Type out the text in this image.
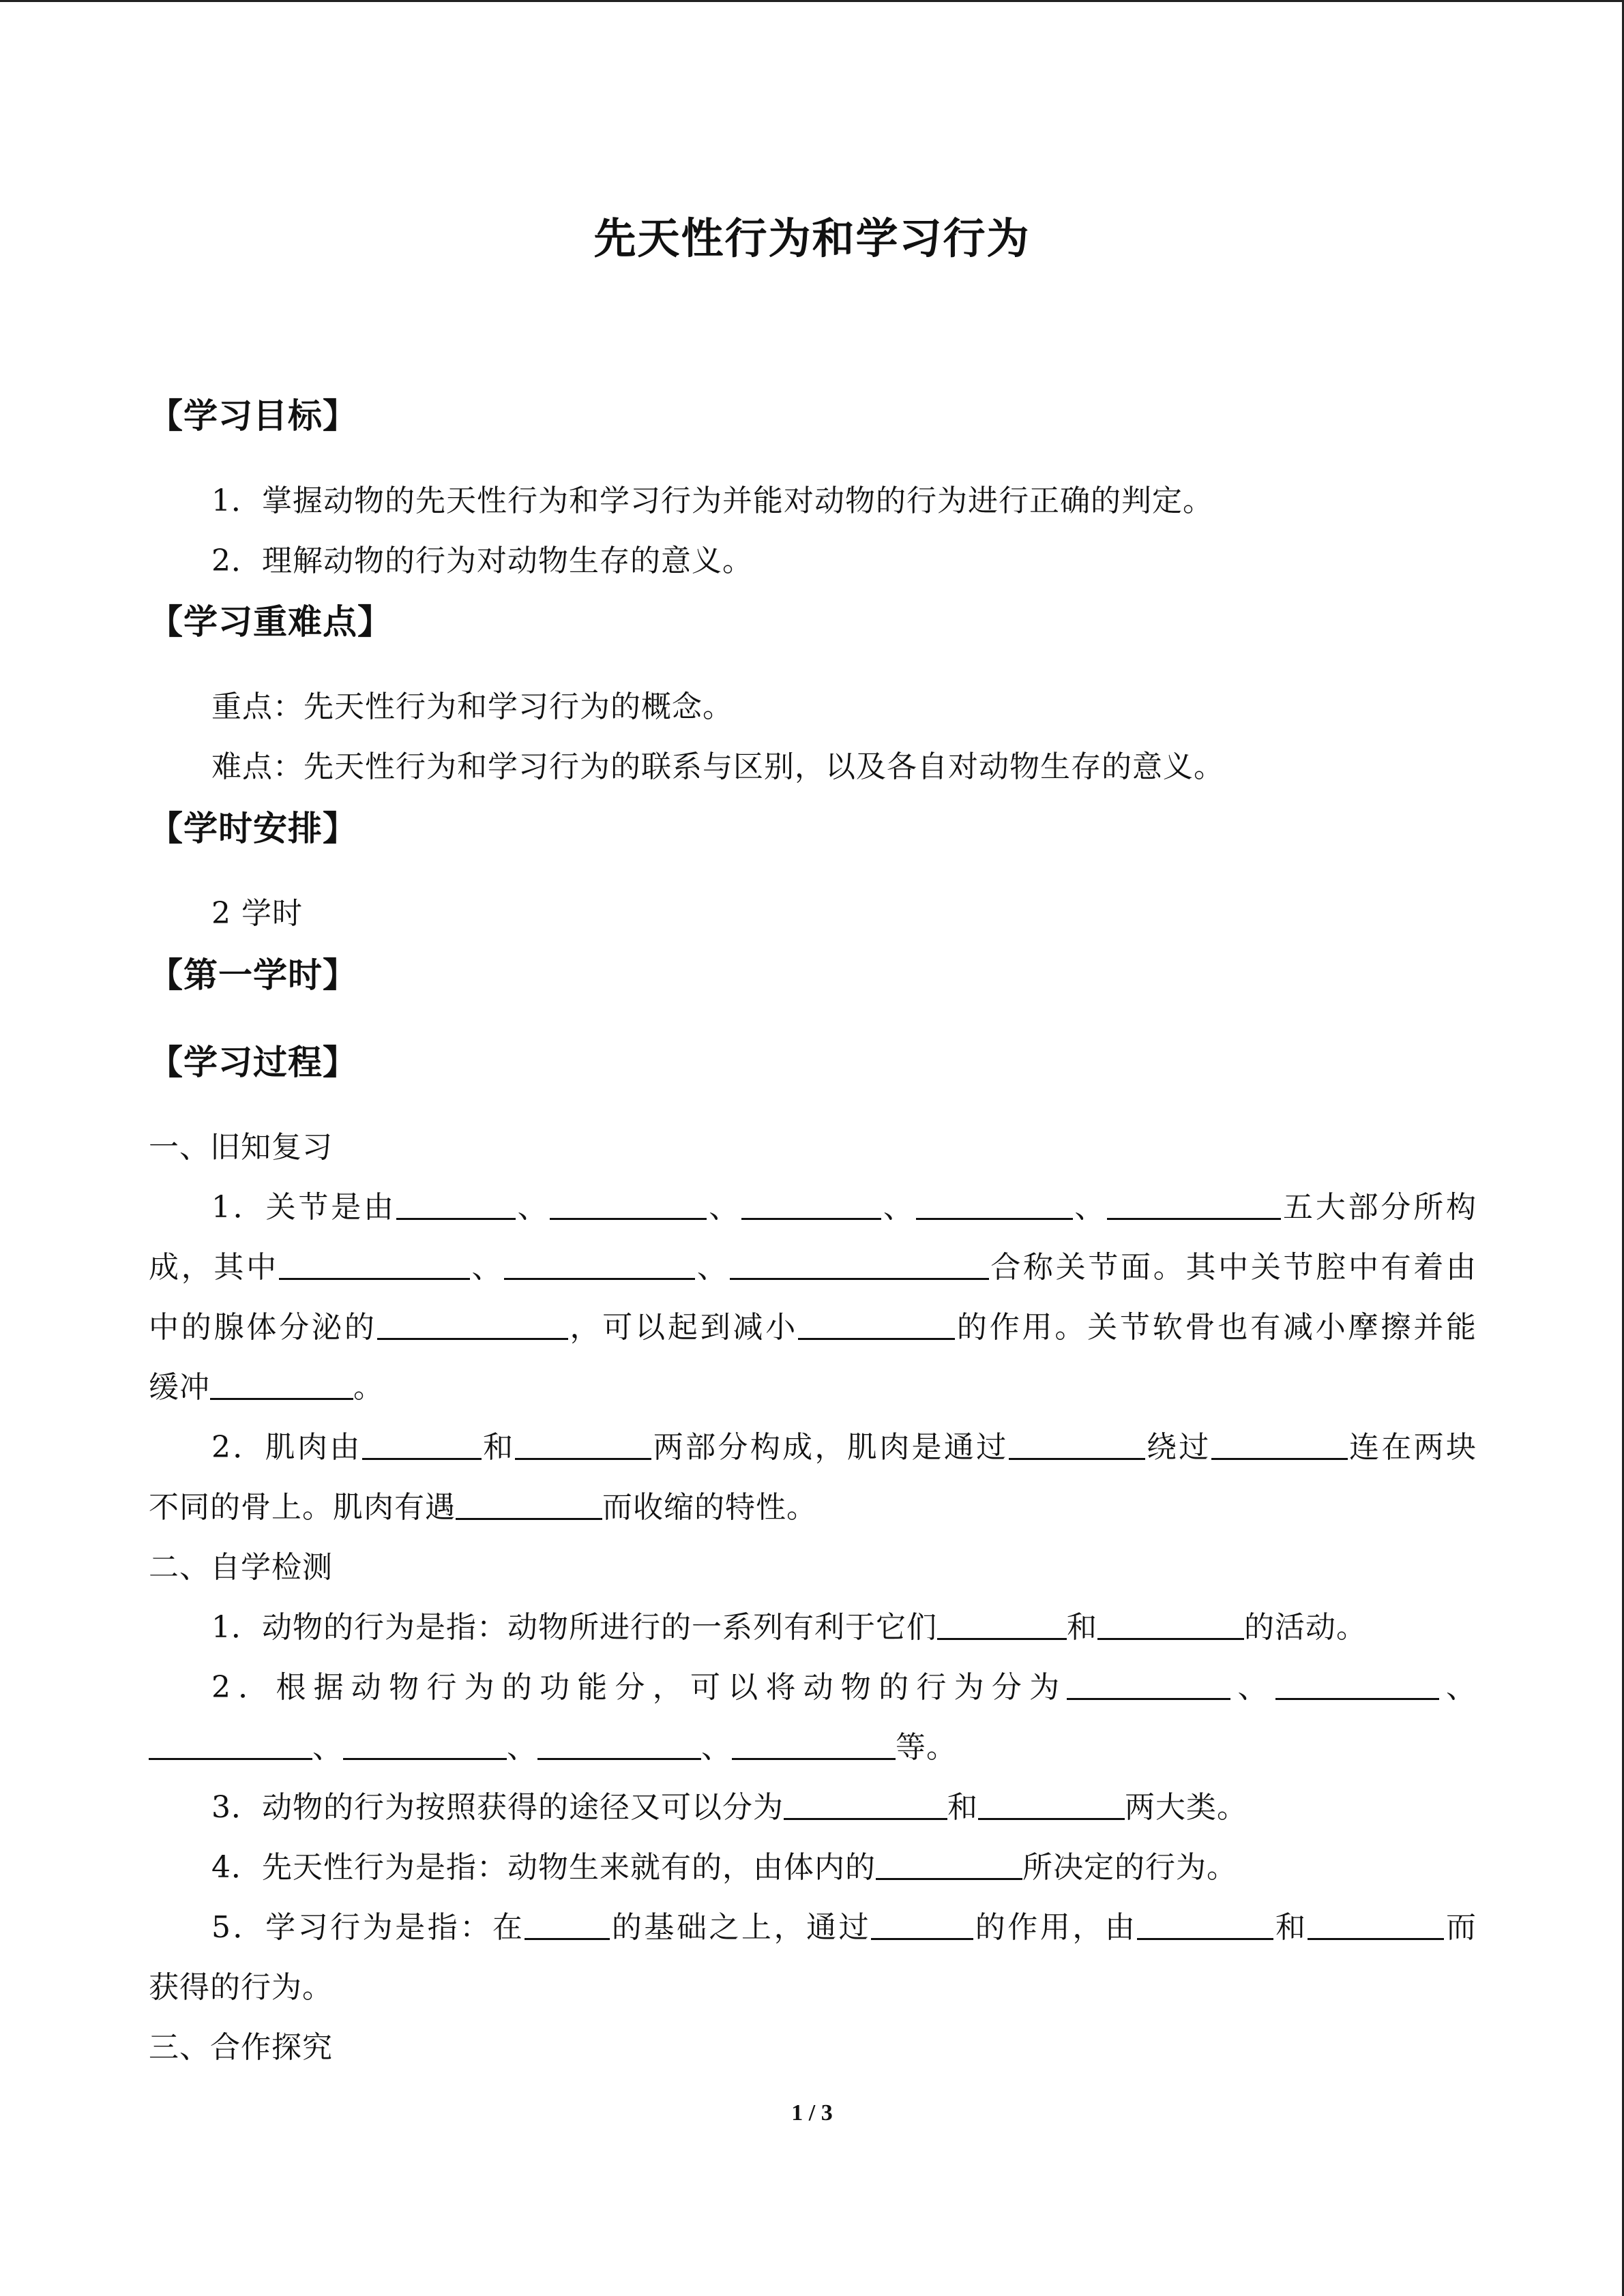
先天性行为和学习行为
【学习目标】
1．掌握动物的先天性行为和学习行为并能对动物的行为进行正确的判定。
2．理解动物的行为对动物生存的意义。
【学习重难点】
重点：先天性行为和学习行为的概念。
难点：先天性行为和学习行为的联系与区别，以及各自对动物生存的意义。
【学时安排】
2 学时
【第一学时】
【学习过程】
一、旧知复习
1．关节是由	、	、	、	、	五大部分所构
成，其中	、	、	合称关节面。其中关节腔中有着由
中的腺体分泌的	，可以起到减小	的作用。关节软骨也有减小摩擦并能
缓冲	。
2．肌肉由	和	两部分构成，肌肉是通过	绕过	连在两块
不同的骨上。肌肉有遇	而收缩的特性。
二、自学检测
1．动物的行为是指：动物所进行的一系列有利于它们	和	的活动。
2．根据动物行为的功能分，可以将动物的行为分为	、	、
、	、	、	等。
3．动物的行为按照获得的途径又可以分为	和	两大类。
4．先天性行为是指：动物生来就有的，由体内的	所决定的行为。
5．学习行为是指：在	的基础之上，通过	的作用，由	和	而
获得的行为。
三、合作探究
1 / 3
